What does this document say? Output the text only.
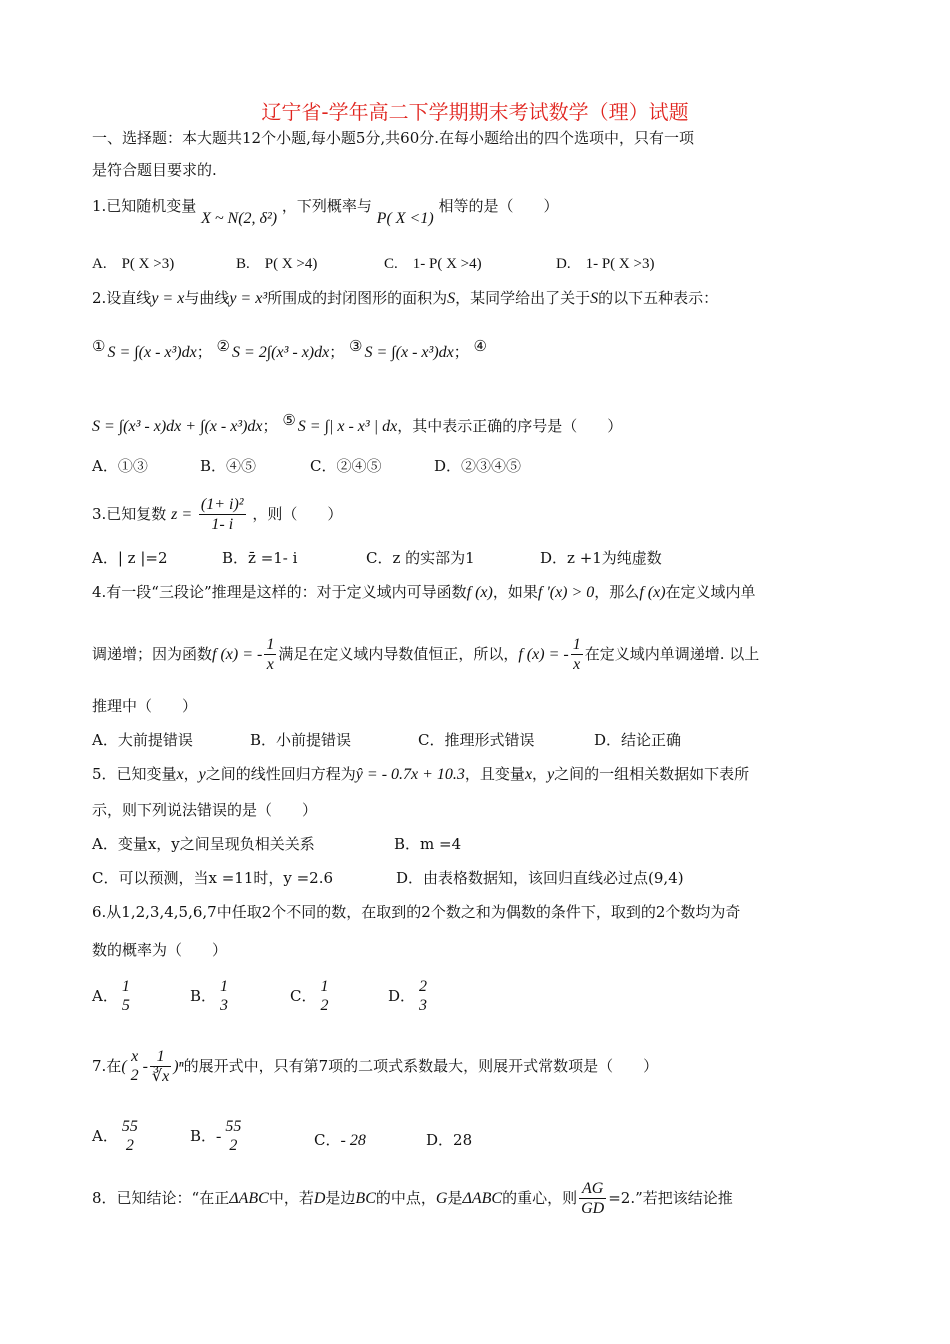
辽宁省-学年高二下学期期末考试数学（理）试题
一、选择题：本大题共12个小题,每小题5分,共60分.在每小题给出的四个选项中，只有一项
是符合题目要求的.
1.已知随机变量 X ~ N(2, δ²) ，下列概率与 P( X <1) 相等的是（　　）
A.　P( X >3)	B.　P( X >4)	C.　1- P( X >4)	D.　1- P( X >3)
2.设直线y = x与曲线y = x³所围成的封闭图形的面积为S，某同学给出了关于S的以下五种表示：
① S = ∫(x - x³)dx； ② S = 2∫(x³ - x)dx； ③ S = ∫(x - x³)dx； ④
S = ∫(x³ - x)dx + ∫(x - x³)dx； ⑤ S = ∫| x - x³ | dx，其中表示正确的序号是（　　）
A．①③	B．④⑤	C．②④⑤	D．②③④⑤
3.已知复数 $z = \frac{\text{(1+ i)²}}{1- i}$ ，则（　　）
A．| z |=2	B．z̄ =1- i	C．z 的实部为1	D．z +1为纯虚数
4.有一段“三段论”推理是这样的：对于定义域内可导函数f (x)，如果f '(x) > 0，那么f (x)在定义域内单
调递增；因为函数f (x) = - $\frac{1}{x}$ 满足在定义域内导数值恒正，所以，f (x) = - $\frac{1}{x}$ 在定义域内单调递增. 以上
推理中（　　）
A．大前提错误	B．小前提错误	C．推理形式错误	D．结论正确
5．已知变量x，y之间的线性回归方程为ŷ = - 0.7x + 10.3，且变量x，y之间的一组相关数据如下表所
示，则下列说法错误的是（　　）
A．变量x，y之间呈现负相关关系	B．m =4
C．可以预测，当x =11时，y =2.6	D．由表格数据知，该回归直线必过点(9,4)
6.从1,2,3,4,5,6,7中任取2个不同的数，在取到的2个数之和为偶数的条件下，取到的2个数均为奇
数的概率为（　　）
A．
1
5
B．
1
3
C．
1
2
D．
2
3
7.在(
x
2
- $\frac{1}{∛x} )^n$的展开式中，只有第7项的二项式系数最大，则展开式常数项是（　　）
A．
55
2
B．-
55
2	C．- 28	D．28
8．已知结论：“在正ΔABC中，若D是边BC的中点，G是ΔABC的重心，则 $\frac{AG}{GD} =2$.”若把该结论推
